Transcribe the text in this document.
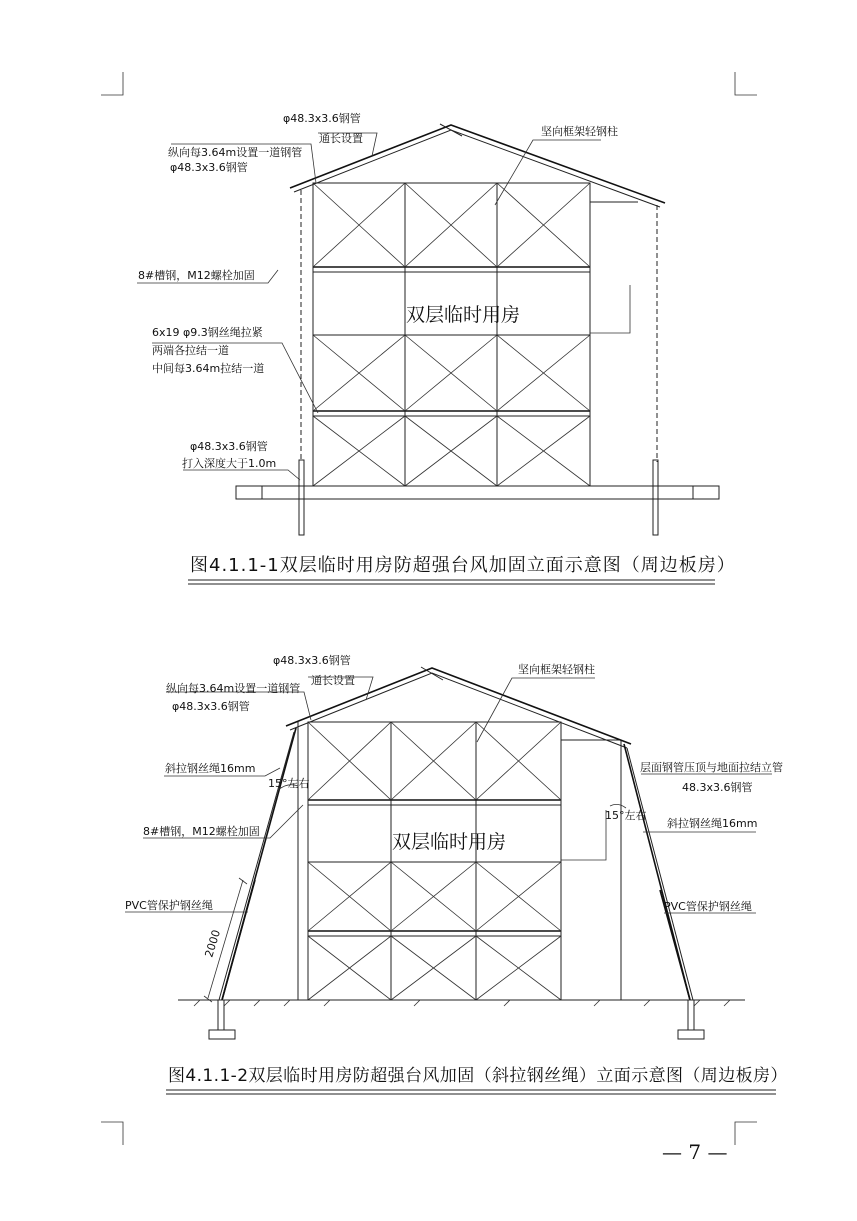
φ48.3x3.6钢管
通长设置
纵向每3.64m设置一道钢管
φ48.3x3.6钢管
坚向框架轻钢柱
8#槽钢，M12螺栓加固
6x19 φ9.3钢丝绳拉紧
两端各拉结一道
中间每3.64m拉结一道
φ48.3x3.6钢管
打入深度大于1.0m
双层临时用房
图4.1.1-1双层临时用房防超强台风加固立面示意图（周边板房）
φ48.3x3.6钢管
通长设置
纵向每3.64m设置一道钢管
φ48.3x3.6钢管
坚向框架轻钢柱
斜拉钢丝绳16mm
15°左右
8#槽钢，M12螺栓加固
PVC管保护钢丝绳
2000
层面钢管压顶与地面拉结立管
48.3x3.6钢管
15°左右
斜拉钢丝绳16mm
PVC管保护钢丝绳
双层临时用房
图4.1.1-2双层临时用房防超强台风加固（斜拉钢丝绳）立面示意图（周边板房）
— 7 —
